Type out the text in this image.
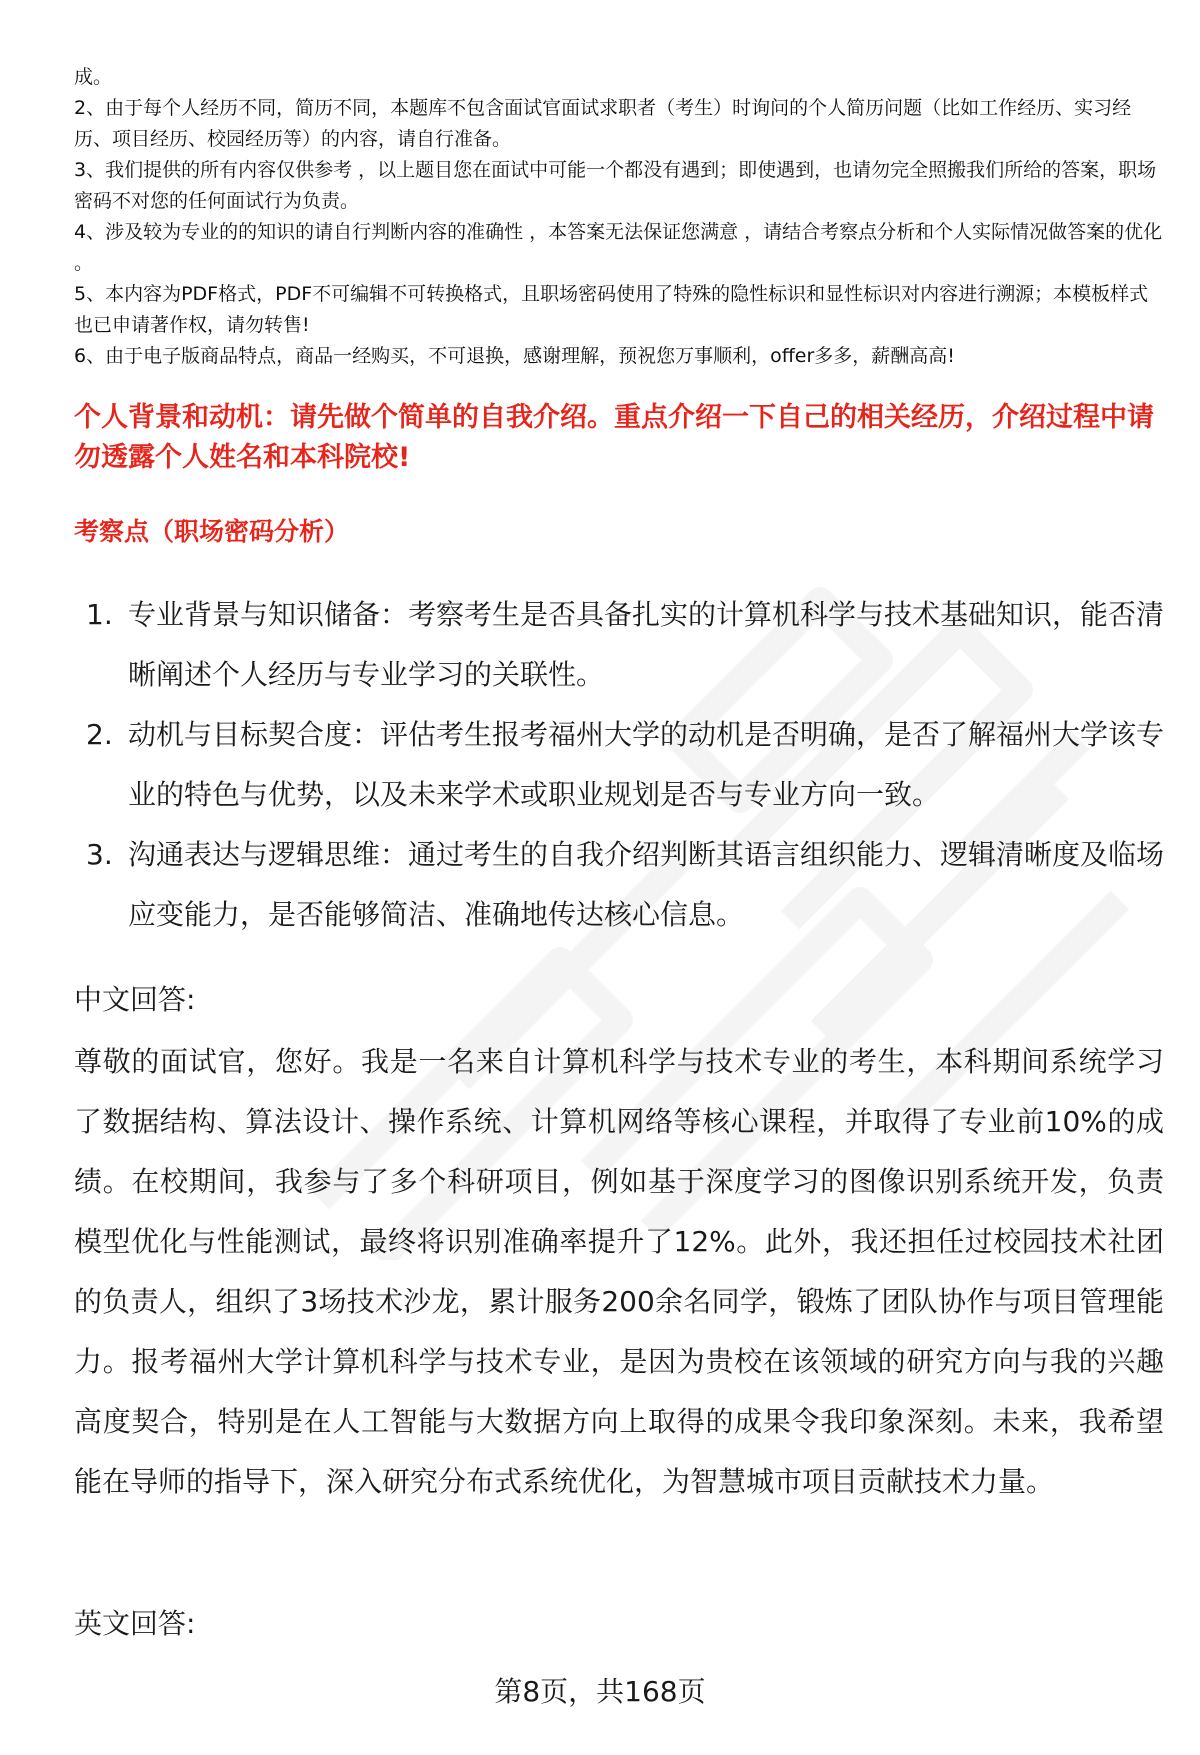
成。

2、由于每个人经历不同，简历不同，本题库不包含面试官面试求职者（考生）时询问的个人简历问题（比如工作经历、实习经历、项目经历、校园经历等）的内容，请自行准备。

3、我们提供的所有内容仅供参考 ，以上题目您在面试中可能一个都没有遇到；即使遇到，也请勿完全照搬我们所给的答案，职场密码不对您的任何面试行为负责。

4、涉及较为专业的的知识的请自行判断内容的准确性 ，本答案无法保证您满意 ，请结合考察点分析和个人实际情况做答案的优化 。

5、本内容为PDF格式，PDF不可编辑不可转换格式，且职场密码使用了特殊的隐性标识和显性标识对内容进行溯源；本模板样式也已申请著作权，请勿转售!

6、由于电子版商品特点，商品一经购买，不可退换，感谢理解，预祝您万事顺利，offer多多，薪酬高高!

个人背景和动机：请先做个简单的自我介绍。重点介绍一下自己的相关经历，介绍过程中请勿透露个人姓名和本科院校!
考察点（职场密码分析）
1. 专业背景与知识储备：考察考生是否具备扎实的计算机科学与技术基础知识，能否清晰阐述个人经历与专业学习的关联性。
2. 动机与目标契合度：评估考生报考福州大学的动机是否明确，是否了解福州大学该专业的特色与优势，以及未来学术或职业规划是否与专业方向一致。
3. 沟通表达与逻辑思维：通过考生的自我介绍判断其语言组织能力、逻辑清晰度及临场应变能力，是否能够简洁、准确地传达核心信息。

中文回答:

尊敬的面试官，您好。我是一名来自计算机科学与技术专业的考生，本科期间系统学习了数据结构、算法设计、操作系统、计算机网络等核心课程，并取得了专业前10%的成绩。在校期间，我参与了多个科研项目，例如基于深度学习的图像识别系统开发，负责模型优化与性能测试，最终将识别准确率提升了12%。此外，我还担任过校园技术社团的负责人，组织了3场技术沙龙，累计服务200余名同学，锻炼了团队协作与项目管理能力。报考福州大学计算机科学与技术专业，是因为贵校在该领域的研究方向与我的兴趣高度契合，特别是在人工智能与大数据方向上取得的成果令我印象深刻。未来，我希望能在导师的指导下，深入研究分布式系统优化，为智慧城市项目贡献技术力量。

英文回答:

第8页，共168页
